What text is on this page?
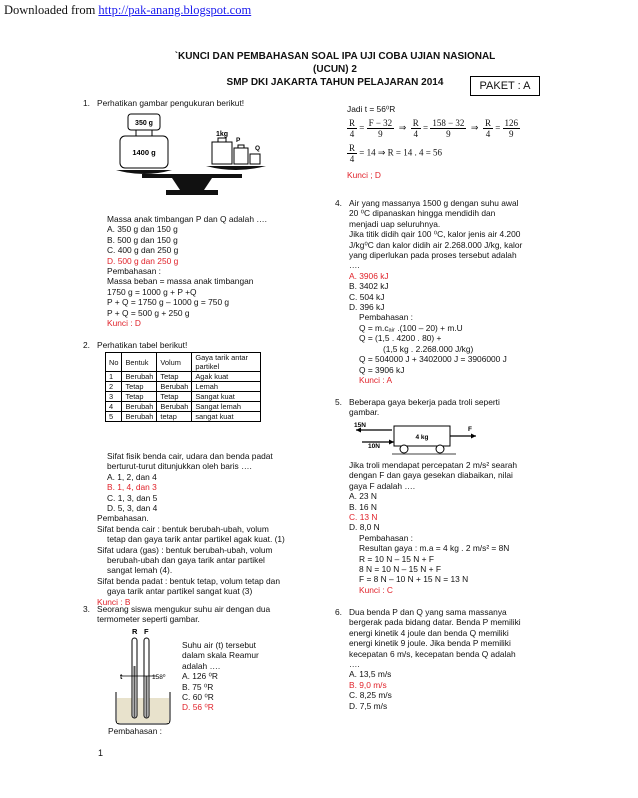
Downloaded from http://pak-anang.blogspot.com
`KUNCI DAN PEMBAHASAN SOAL IPA UJI COBA UJIAN NASIONAL (UCUN) 2
SMP DKI JAKARTA TAHUN PELAJARAN 2014	PAKET : A
1. Perhatikan gambar pengukuran berikut!
350 g
1400 g
1kg
P
Q
Massa anak timbangan P dan Q adalah ….
A. 350 g dan 150 g
B. 500 g dan 150 g
C. 400 g dan 250 g
D. 500 g dan 250 g
Pembahasan :
Massa beban = massa anak timbangan
1750 g = 1000 g + P +Q
P + Q = 1750 g – 1000 g = 750 g
P + Q = 500 g + 250 g
Kunci : D
2. Perhatikan tabel berikut!
No	Bentuk	Volum	Gaya tarik antar partikel
1	Berubah	Tetap	Agak kuat
2	Tetap	Berubah	Lemah
3	Tetap	Tetap	Sangat kuat
4	Berubah	Berubah	Sangat lemah
5	Berubah	tetap	sangat kuat
Sifat fisik benda cair, udara dan benda padat
berturut-turut ditunjukkan oleh baris ….
A. 1, 2, dan 4
B. 1, 4, dan 3
C. 1, 3, dan 5
D. 5, 3, dan 4
Pembahasan.
Sifat benda cair : bentuk berubah-ubah, volum
tetap dan gaya tarik antar partikel agak kuat. (1)
Sifat udara (gas) : bentuk berubah-ubah, volum
berubah-ubah dan gaya tarik antar partikel
sangat lemah (4).
Sifat benda padat : bentuk tetap, volum tetap dan
gaya tarik antar partikel sangat kuat (3)
Kunci : B
3. Seorang siswa mengukur suhu air dengan dua
termometer seperti gambar.
R F
t	158⁰
Suhu air (t) tersebut
dalam skala Reamur
adalah ….
A. 126 ⁰R
B. 75 ⁰R
C. 60 ⁰R
D. 56 ⁰R
Pembahasan :
Jadi t = 56⁰R
$\frac{R}{4} = \frac{F - 32}{9}$ ⇒ $\frac{R}{4} = \frac{158 - 32}{9}$ ⇒ $\frac{R}{4} = \frac{126}{9}$
$\frac{R}{4} = 14$ ⇒ R = 14 . 4 = 56
Kunci ; D
4. Air yang massanya 1500 g dengan suhu awal
20 ⁰C dipanaskan hingga mendidih dan
menjadi uap seluruhnya.
Jika titik didih qair 100 ⁰C, kalor jenis air 4.200
J/kg⁰C dan kalor didih air 2.268.000 J/kg, kalor
yang diperlukan pada proses tersebut adalah
….
A. 3906 kJ
B. 3402 kJ
C. 504 kJ
D. 396 kJ
Pembahasan :
Q = m.cₐᵢᵣ .(100 – 20) + m.U
Q = (1,5 . 4200 . 80) +
(1,5 kg . 2.268.000 J/kg)
Q = 504000 J + 3402000 J = 3906000 J
Q = 3906 kJ
Kunci : A
5. Beberapa gaya bekerja pada troli seperti
gambar.
15N
10N
4 kg
F
Jika troli mendapat percepatan 2 m/s² searah
dengan F dan gaya gesekan diabaikan, nilai
gaya F adalah ….
A. 23 N
B. 16 N
C. 13 N
D. 8,0 N
Pembahasan :
Resultan gaya : m.a = 4 kg . 2 m/s² = 8N
R = 10 N – 15 N + F
8 N = 10 N – 15 N + F
F = 8 N – 10 N + 15 N = 13 N
Kunci : C
6. Dua benda P dan Q yang sama massanya
bergerak pada bidang datar. Benda P memiliki
energi kinetik 4 joule dan benda Q memiliki
energi kinetik 9 joule. Jika benda P memiliki
kecepatan 6 m/s, kecepatan benda Q adalah
….
A. 13,5 m/s
B. 9,0 m/s
C. 8,25 m/s
D. 7,5 m/s
1
